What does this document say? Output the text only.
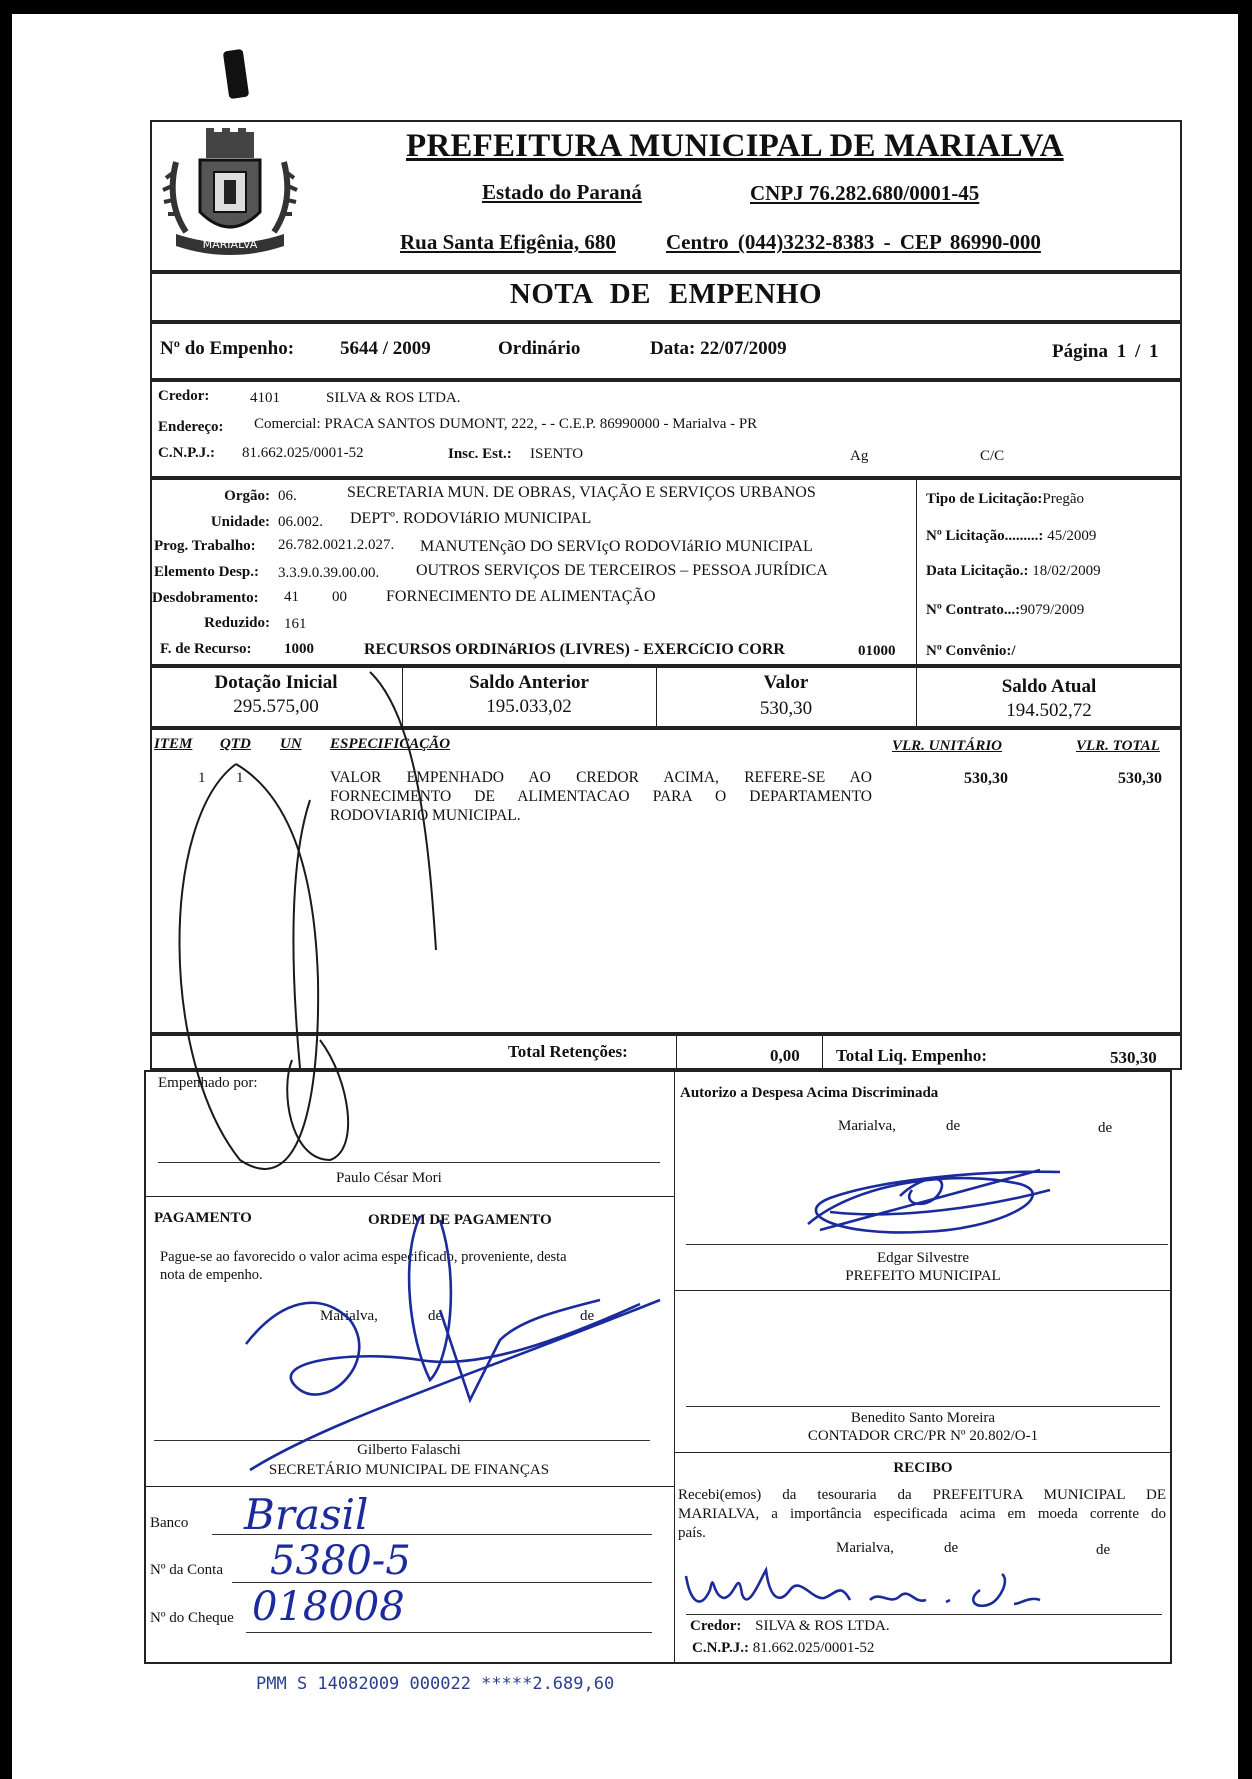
MARIALVA
PREFEITURA MUNICIPAL DE MARIALVA
Estado do Paraná	CNPJ 76.282.680/0001-45
Rua Santa Efigênia, 680 Centro (044)3232-8383 - CEP 86990-000
NOTA DE EMPENHO
Nº do Empenho: 5644 / 2009	Ordinário	Data: 22/07/2009	Página 1 / 1
Credor:	4101	SILVA & ROS LTDA.
Endereço: Comercial: PRACA SANTOS DUMONT, 222, - - C.E.P. 86990000 - Marialva - PR
C.N.P.J.: 81.662.025/0001-52	Insc. Est.: ISENTO	Ag	C/C
Orgão: 06.	SECRETARIA MUN. DE OBRAS, VIAÇÃO E SERVIÇOS URBANOS
Unidade: 06.002. DEPTº. RODOVIáRIO MUNICIPAL
Prog. Trabalho: 26.782.0021.2.027. MANUTENçãO DO SERVIçO RODOVIáRIO MUNICIPAL
Elemento Desp.: 3.3.9.0.39.00.00. OUTROS SERVIÇOS DE TERCEIROS – PESSOA JURÍDICA
Desdobramento: 41 00 FORNECIMENTO DE ALIMENTAÇÃO
Reduzido: 161
F. de Recurso: 1000	RECURSOS ORDINáRIOS (LIVRES) - EXERCíCIO CORR	01000
Tipo de Licitação:Pregão
Nº Licitação.........: 45/2009
Data Licitação.: 18/02/2009
Nº Contrato...:9079/2009
Nº Convênio:/
Dotação Inicial
295.575,00
Saldo Anterior
195.033,02
Valor
530,30
Saldo Atual
194.502,72
ITEM QTD UN ESPECIFICAÇÃO	VLR. UNITÁRIO	VLR. TOTAL
1 1	VALOR EMPENHADO AO CREDOR ACIMA, REFERE-SE AO
FORNECIMENTO DE ALIMENTACAO PARA O DEPARTAMENTO
RODOVIARIO MUNICIPAL.
530,30	530,30
Total Retenções:	0,00 Total Liq. Empenho:	530,30
Empenhado por:
Paulo César Mori
Autorizo a Despesa Acima Discriminada
Marialva,	de	de
Edgar Silvestre
PREFEITO MUNICIPAL
PAGAMENTO	ORDEM DE PAGAMENTO
Pague-se ao favorecido o valor acima especificado, proveniente, desta
nota de empenho.
Marialva,	de	de
Gilberto Falaschi
SECRETÁRIO MUNICIPAL DE FINANÇAS
Banco Brasil
Nº da Conta 5380-5
Nº do Cheque 018008
Benedito Santo Moreira
CONTADOR CRC/PR Nº 20.802/O-1
RECIBO
Recebi(emos) da tesouraria da PREFEITURA MUNICIPAL DE
MARIALVA, a importância especificada acima em moeda corrente do
país.
Marialva,	de	de
Credor: SILVA & ROS LTDA.
C.N.P.J.: 81.662.025/0001-52
PMM S 14082009 000022 *****2.689,60
